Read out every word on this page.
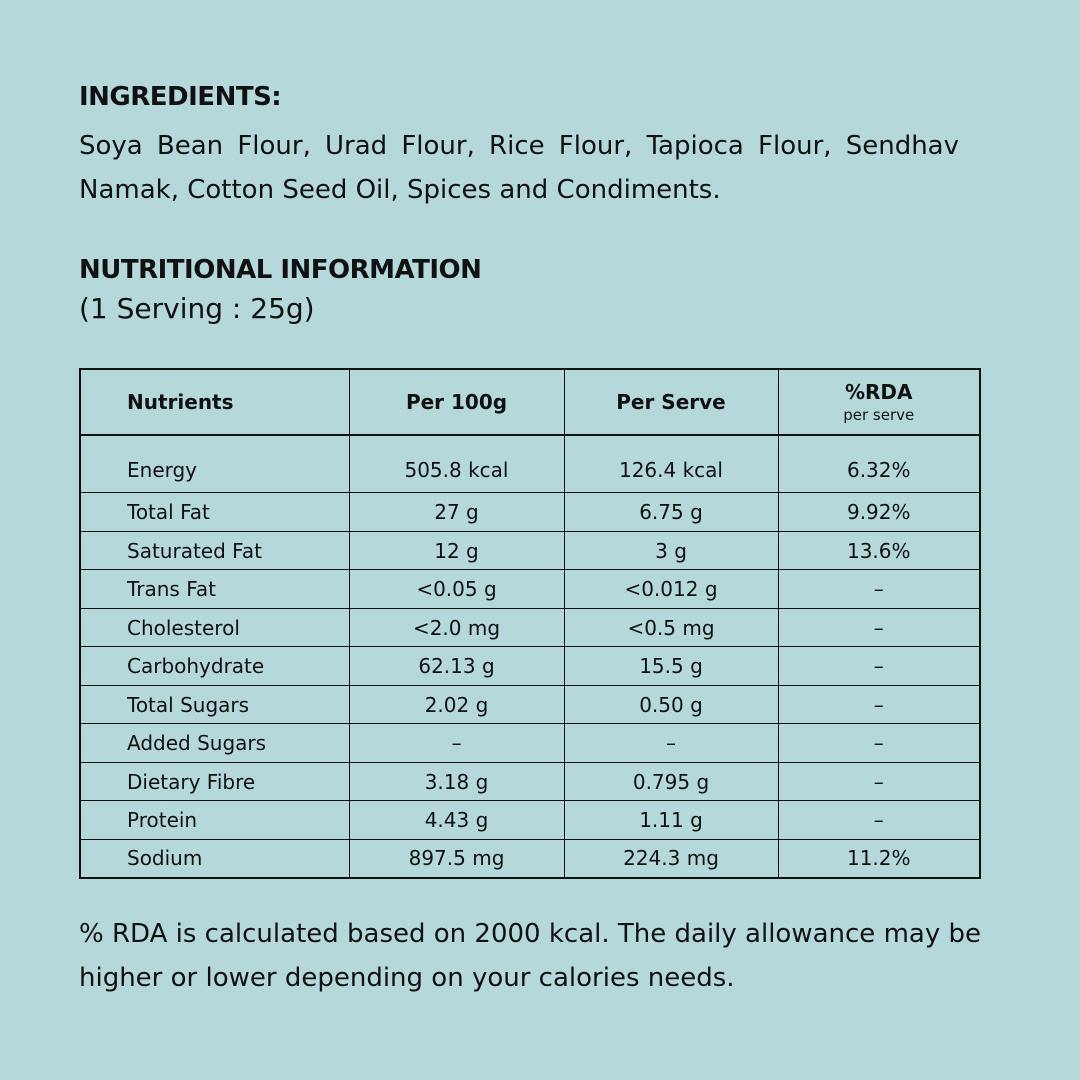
INGREDIENTS:

Soya Bean Flour, Urad Flour, Rice Flour, Tapioca Flour, Sendhav Namak, Cotton Seed Oil, Spices and Condiments.

NUTRITIONAL INFORMATION

(1 Serving : 25g)

Nutrients	Per 100g	Per Serve	%RDA
per serve

Energy	505.8 kcal	126.4 kcal	6.32%
Total Fat	27 g	6.75 g	9.92%
Saturated Fat	12 g	3 g	13.6%
Trans Fat	<0.05 g	<0.012 g	–
Cholesterol	<2.0 mg	<0.5 mg	–
Carbohydrate	62.13 g	15.5 g	–
Total Sugars	2.02 g	0.50 g	–
Added Sugars	–	–	–
Dietary Fibre	3.18 g	0.795 g	–
Protein	4.43 g	1.11 g	–
Sodium	897.5 mg	224.3 mg	11.2%

% RDA is calculated based on 2000 kcal. The daily allowance may be higher or lower depending on your calories needs.
